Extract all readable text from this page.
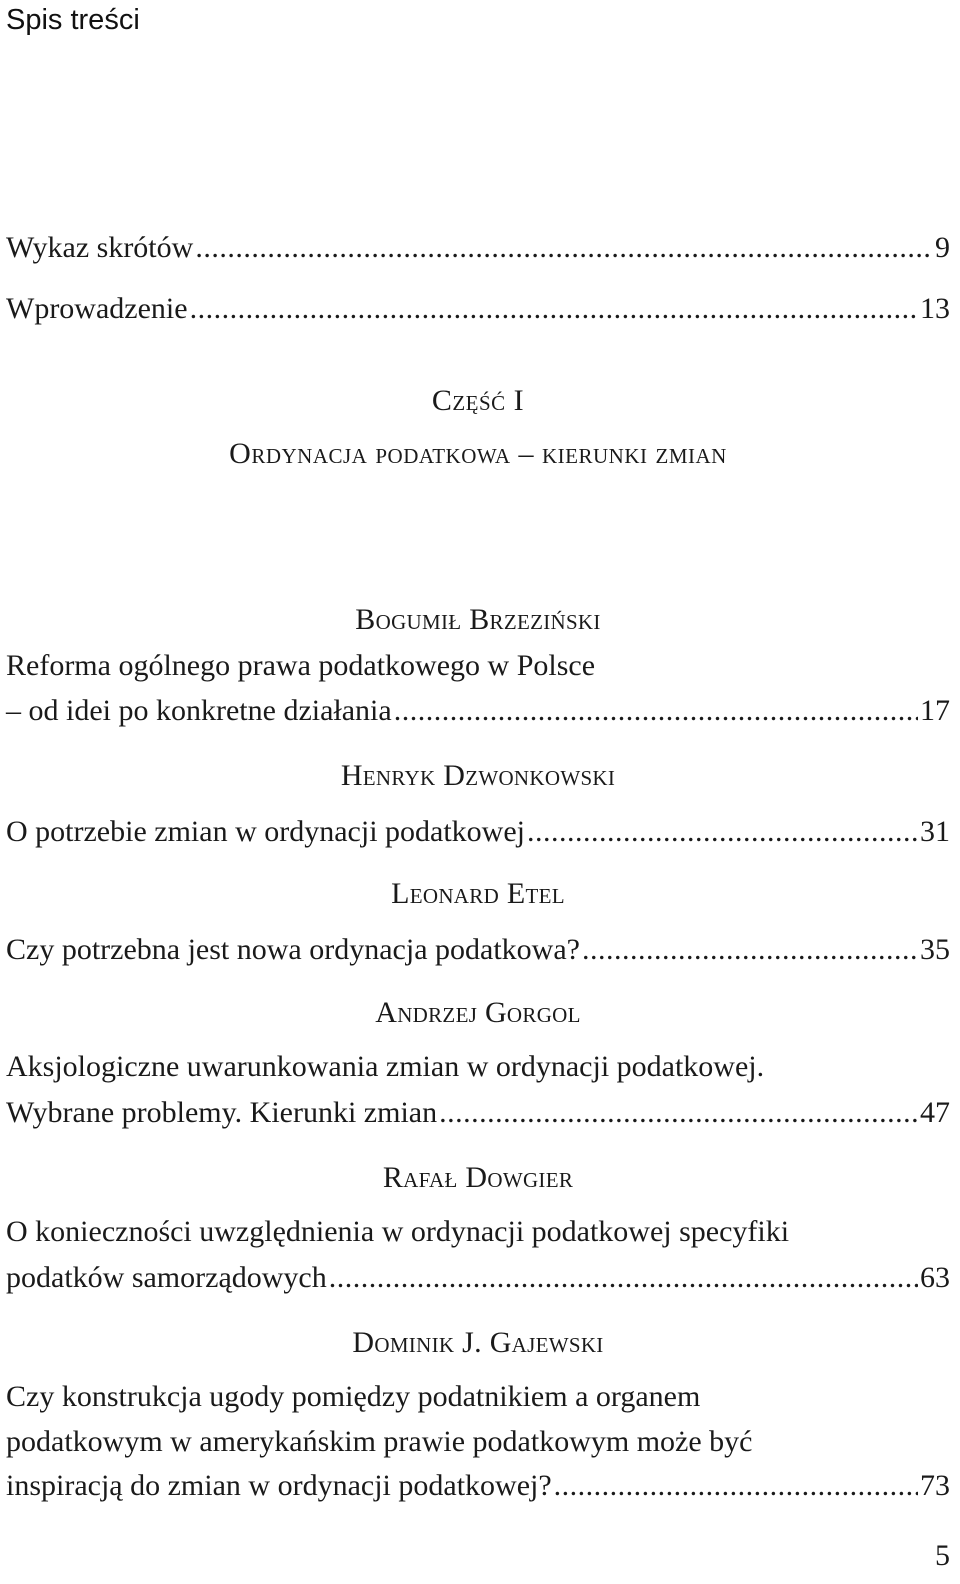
Spis treści
Wykaz skrótów .....	9
Wprowadzenie .....	13
Część I
Ordynacja podatkowa – kierunki zmian
Bogumił Brzeziński
Reforma ogólnego prawa podatkowego w Polsce
– od idei po konkretne działania .....	17
Henryk Dzwonkowski
O potrzebie zmian w ordynacji podatkowej .....	31
Leonard Etel
Czy potrzebna jest nowa ordynacja podatkowa? .....	35
Andrzej Gorgol
Aksjologiczne uwarunkowania zmian w ordynacji podatkowej.
Wybrane problemy. Kierunki zmian .....	47
Rafał Dowgier
O konieczności uwzględnienia w ordynacji podatkowej specyfiki
podatków samorządowych .....	63
Dominik J. Gajewski
Czy konstrukcja ugody pomiędzy podatnikiem a organem
podatkowym w amerykańskim prawie podatkowym może być
inspiracją do zmian w ordynacji podatkowej? .....	73
5
